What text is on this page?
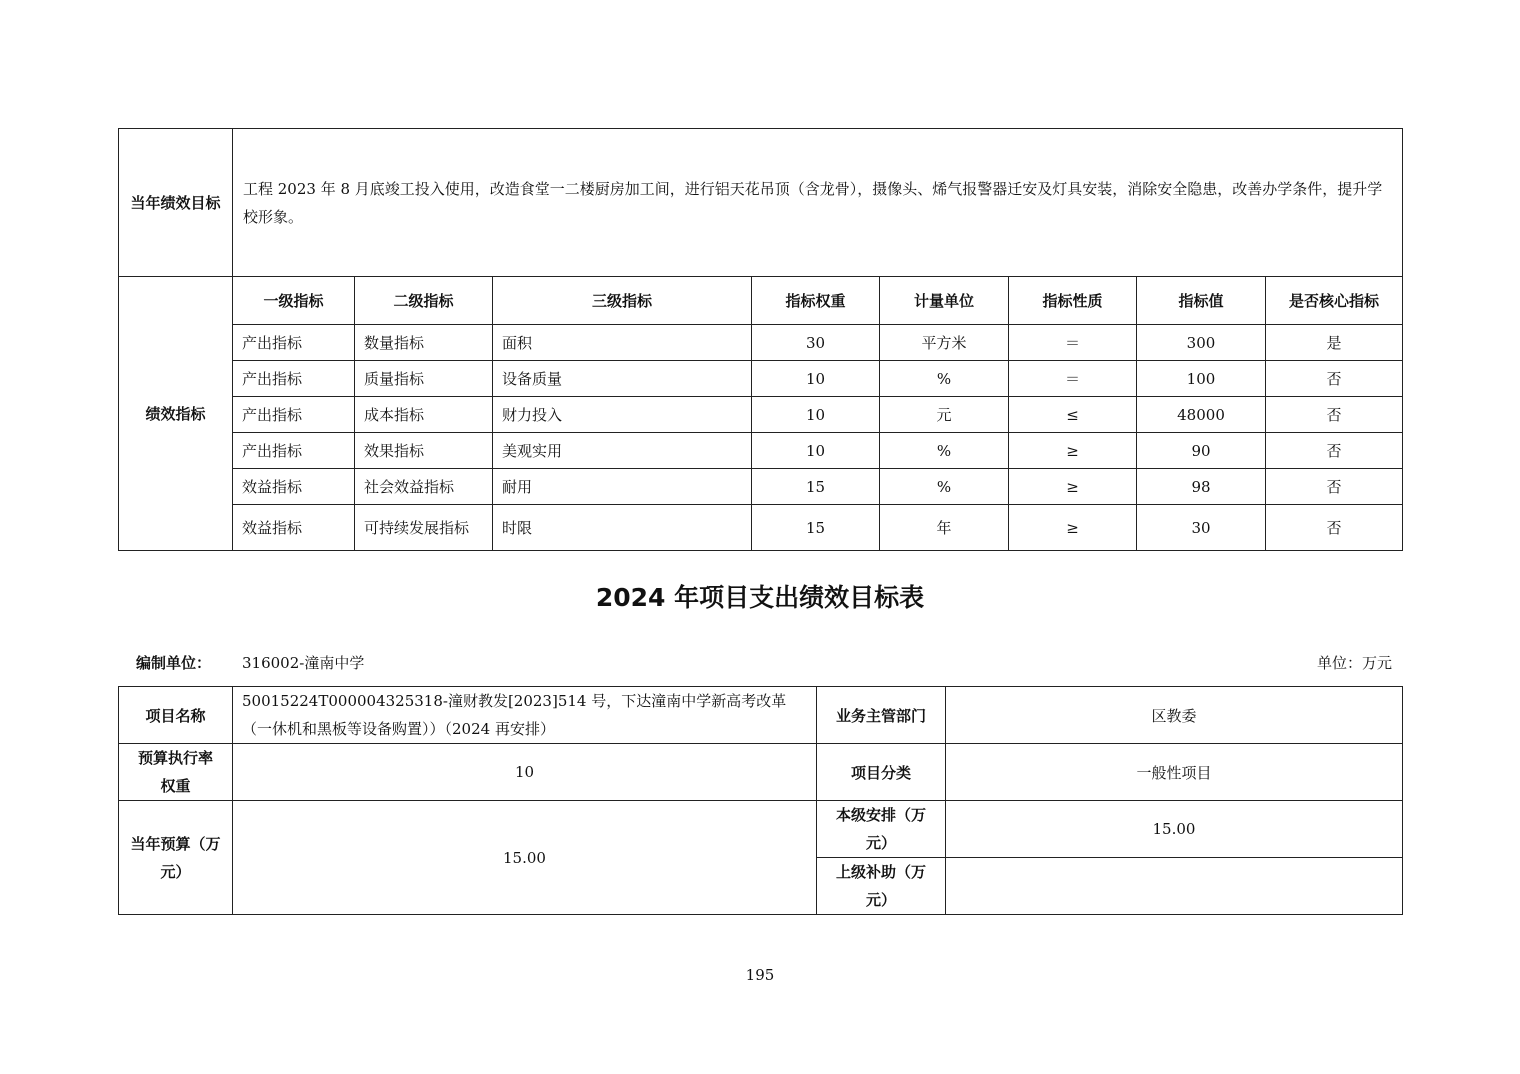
当年绩效目标	工程 2023 年 8 月底竣工投入使用，改造食堂一二楼厨房加工间，进行铝天花吊顶（含龙骨），摄像头、烯气报警器迁安及灯具安装，消除安全隐患，改善办学条件，提升学校形象。							
绩效指标	一级指标	二级指标	三级指标	指标权重	计量单位	指标性质	指标值	是否核心指标
	产出指标	数量指标	面积	30	平方米	＝	300	是
	产出指标	质量指标	设备质量	10	%	＝	100	否
	产出指标	成本指标	财力投入	10	元	≤	48000	否
	产出指标	效果指标	美观实用	10	%	≥	90	否
	效益指标	社会效益指标	耐用	15	%	≥	98	否
	效益指标	可持续发展指标	时限	15	年	≥	30	否
2024 年项目支出绩效目标表
编制单位： 316002-潼南中学	单位：万元
项目名称	50015224T000004325318-潼财教发[2023]514 号，下达潼南中学新高考改革（一休机和黑板等设备购置））（2024 再安排）	业务主管部门	区教委
预算执行率权重	10	项目分类	一般性项目
当年预算（万元）	15.00	本级安排（万元）	15.00
		上级补助（万元）	
195
